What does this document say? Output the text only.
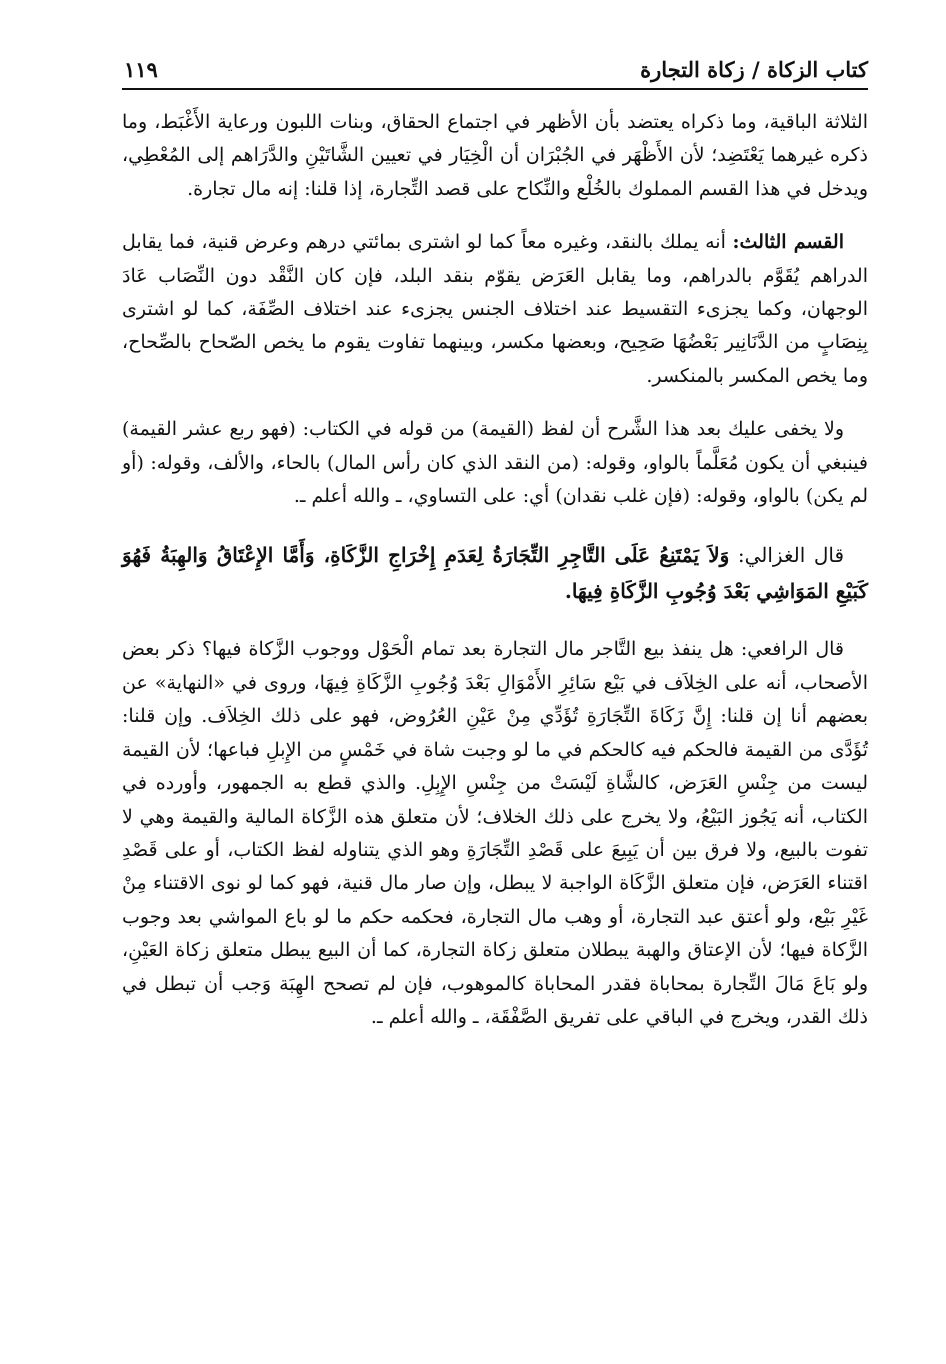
كتاب الزكاة / زكاة التجارة
١١٩

الثلاثة الباقية، وما ذكراه يعتضد بأن الأظهر في اجتماع الحقاق، وبنات اللبون ورعاية الأَغْبَط، وما ذكره غيرهما يَعْتَضِد؛ لأن الأَظْهَر في الجُبْرَان أن الْخِيَار في تعيين الشَّاتَيْنِ والدَّرَاهم إلى المُعْطِي، ويدخل في هذا القسم المملوك بالخُلْع والنِّكاح على قصد التِّجارة، إذا قلنا: إنه مال تجارة.

القسم الثالث: أنه يملك بالنقد، وغيره معاً كما لو اشترى بمائتي درهم وعرض قنية، فما يقابل الدراهم يُقَوَّم بالدراهم، وما يقابل العَرَض يقوّم بنقد البلد، فإن كان النَّقْد دون النِّصَاب عَادَ الوجهان، وكما يجزىء التقسيط عند اختلاف الجنس يجزىء عند اختلاف الصِّفَة، كما لو اشترى بِنِصَابٍ من الدَّنَانِير بَعْضُهَا صَحِيح، وبعضها مكسر، وبينهما تفاوت يقوم ما يخص الصّحاح بالصِّحاح، وما يخص المكسر بالمنكسر.

ولا يخفى عليك بعد هذا الشَّرح أن لفظ (القيمة) من قوله في الكتاب: (فهو ربع عشر القيمة) فينبغي أن يكون مُعَلَّماً بالواو، وقوله: (من النقد الذي كان رأس المال) بالحاء، والألف، وقوله: (أو لم يكن) بالواو، وقوله: (فإن غلب نقدان) أي: على التساوي، ـ والله أعلم ـ.

قال الغزالي: وَلاَ يَمْتَنِعُ عَلَى التَّاجِرِ التِّجَارَةُ لِعَدَمِ إِخْرَاجِ الزَّكَاةِ، وَأَمَّا الإِعْتَاقُ وَالهِبَةُ فَهُوَ كَبَيْعِ المَوَاشِي بَعْدَ وُجُوبِ الزَّكَاةِ فِيهَا.

قال الرافعي: هل ينفذ بيع التَّاجر مال التجارة بعد تمام الْحَوْل ووجوب الزَّكاة فيها؟ ذكر بعض الأصحاب، أنه على الخِلاَف في بَيْع سَائِرِ الأَمْوَالِ بَعْدَ وُجُوبِ الزَّكَاةِ فِيهَا، وروى في «النهاية» عن بعضهم أنا إن قلنا: إِنَّ زَكَاةَ التِّجَارَةِ تُؤَدِّي مِنْ عَيْنِ العُرُوض، فهو على ذلك الخِلاَف. وإن قلنا: تُؤَدَّى من القيمة فالحكم فيه كالحكم في ما لو وجبت شاة في خَمْسٍ من الإِبلِ فباعها؛ لأن القيمة ليست من جِنْسِ العَرَض، كالشَّاةِ لَيْسَتْ من جِنْسِ الإِبِلِ. والذي قطع به الجمهور، وأورده في الكتاب، أنه يَجُوز البَيْعُ، ولا يخرج على ذلك الخلاف؛ لأن متعلق هذه الزَّكاة المالية والقيمة وهي لا تفوت بالبيع، ولا فرق بين أن يَبِيعَ على قَصْدِ التِّجَارَةِ وهو الذي يتناوله لفظ الكتاب، أو على قَصْدِ اقتناء العَرَض، فإن متعلق الزَّكَاة الواجبة لا يبطل، وإن صار مال قنية، فهو كما لو نوى الاقتناء مِنْ غَيْرِ بَيْع، ولو أعتق عبد التجارة، أو وهب مال التجارة، فحكمه حكم ما لو باع المواشي بعد وجوب الزَّكاة فيها؛ لأن الإعتاق والهبة يبطلان متعلق زكاة التجارة، كما أن البيع يبطل متعلق زكاة العَيْنِ، ولو بَاعَ مَالَ التِّجارة بمحاباة فقدر المحاباة كالموهوب، فإن لم تصحح الهِبَة وَجب أن تبطل في ذلك القدر، ويخرج في الباقي على تفريق الصَّفْقَة، ـ والله أعلم ـ.
